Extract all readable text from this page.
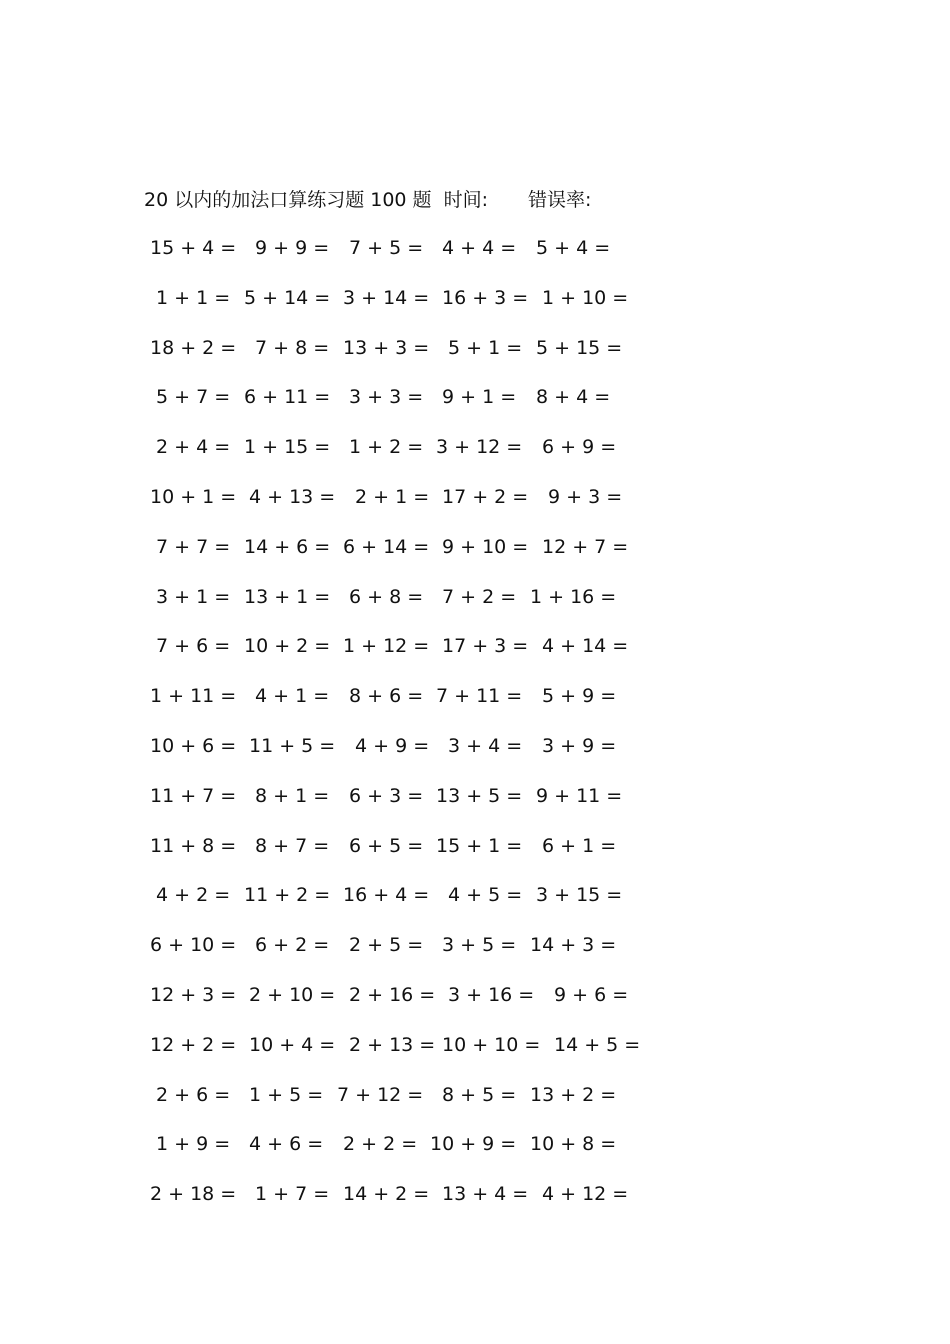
20 以内的加法口算练习题 100 题 时间: 错误率:
15 + 4 = 9 + 9 = 7 + 5 = 4 + 4 = 5 + 4 =
1 + 1 = 5 + 14 = 3 + 14 = 16 + 3 = 1 + 10 =
18 + 2 = 7 + 8 = 13 + 3 = 5 + 1 = 5 + 15 =
5 + 7 = 6 + 11 = 3 + 3 = 9 + 1 = 8 + 4 =
2 + 4 = 1 + 15 = 1 + 2 = 3 + 12 = 6 + 9 =
10 + 1 = 4 + 13 = 2 + 1 = 17 + 2 = 9 + 3 =
7 + 7 = 14 + 6 = 6 + 14 = 9 + 10 = 12 + 7 =
3 + 1 = 13 + 1 = 6 + 8 = 7 + 2 = 1 + 16 =
7 + 6 = 10 + 2 = 1 + 12 = 17 + 3 = 4 + 14 =
1 + 11 = 4 + 1 = 8 + 6 = 7 + 11 = 5 + 9 =
10 + 6 = 11 + 5 = 4 + 9 = 3 + 4 = 3 + 9 =
11 + 7 = 8 + 1 = 6 + 3 = 13 + 5 = 9 + 11 =
11 + 8 = 8 + 7 = 6 + 5 = 15 + 1 = 6 + 1 =
4 + 2 = 11 + 2 = 16 + 4 = 4 + 5 = 3 + 15 =
6 + 10 = 6 + 2 = 2 + 5 = 3 + 5 = 14 + 3 =
12 + 3 = 2 + 10 = 2 + 16 = 3 + 16 = 9 + 6 =
12 + 2 = 10 + 4 = 2 + 13 = 10 + 10 = 14 + 5 =
2 + 6 = 1 + 5 = 7 + 12 = 8 + 5 = 13 + 2 =
1 + 9 = 4 + 6 = 2 + 2 = 10 + 9 = 10 + 8 =
2 + 18 = 1 + 7 = 14 + 2 = 13 + 4 = 4 + 12 =
